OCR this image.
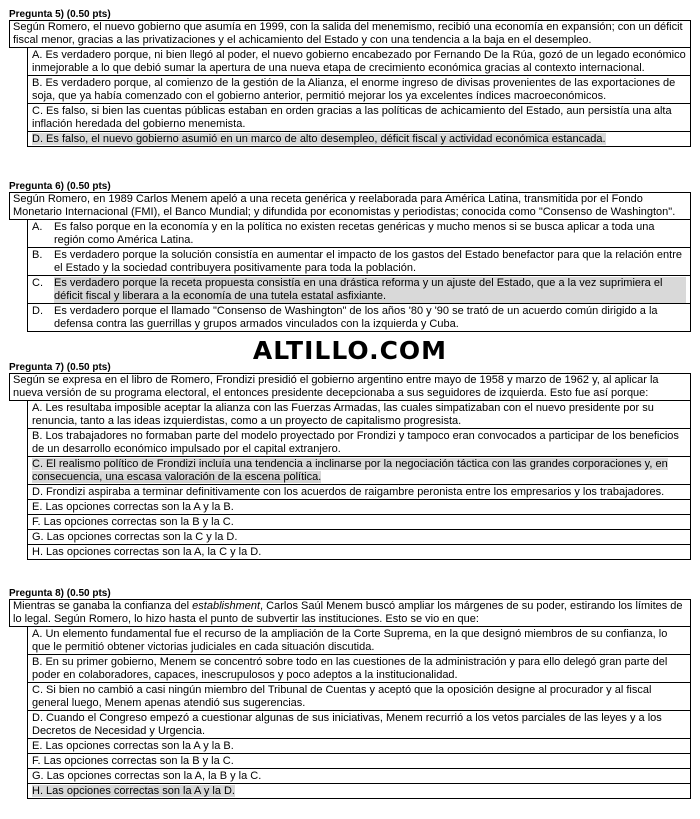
Pregunta 5) (0.50 pts)
Según Romero, el nuevo gobierno que asumía en 1999, con la salida del menemismo, recibió una economía en expansión; con un déficit fiscal menor, gracias a las privatizaciones y el achicamiento del Estado y con una tendencia a la baja en el desempleo.
A. Es verdadero porque, ni bien llegó al poder, el nuevo gobierno encabezado por Fernando De la Rúa, gozó de un legado económico inmejorable a lo que debió sumar la apertura de una nueva etapa de crecimiento económica gracias al contexto internacional.
B. Es verdadero porque, al comienzo de la gestión de la Alianza, el enorme ingreso de divisas provenientes de las exportaciones de soja, que ya había comenzado con el gobierno anterior, permitió mejorar los ya excelentes índices macroeconómicos.
C. Es falso, si bien las cuentas públicas estaban en orden gracias a las políticas de achicamiento del Estado, aun persistía una alta inflación heredada del gobierno menemista.
D. Es falso, el nuevo gobierno asumió en un marco de alto desempleo, déficit fiscal y actividad económica estancada.
Pregunta 6) (0.50 pts)
Según Romero, en 1989 Carlos Menem apeló a una receta genérica y reelaborada para América Latina, transmitida por el Fondo Monetario Internacional (FMI), el Banco Mundial; y difundida por economistas y periodistas; conocida como "Consenso de Washington".
A.	Es falso porque en la economía y en la política no existen recetas genéricas y mucho menos si se busca aplicar a toda una región como América Latina.
B.	Es verdadero porque la solución consistía en aumentar el impacto de los gastos del Estado benefactor para que la relación entre el Estado y la sociedad contribuyera positivamente para toda la población.
C.	Es verdadero porque la receta propuesta consistía en una drástica reforma y un ajuste del Estado, que a la vez suprimiera el déficit fiscal y liberara a la economía de una tutela estatal asfixiante.
D.	Es verdadero porque el llamado "Consenso de Washington" de los años '80 y '90 se trató de un acuerdo común dirigido a la defensa contra las guerrillas y grupos armados vinculados con la izquierda y Cuba.
ALTILLO.COM
Pregunta 7) (0.50 pts)
Según se expresa en el libro de Romero, Frondizi presidió el gobierno argentino entre mayo de 1958 y marzo de 1962 y, al aplicar la nueva versión de su programa electoral, el entonces presidente decepcionaba a sus seguidores de izquierda. Esto fue así porque:
A. Les resultaba imposible aceptar la alianza con las Fuerzas Armadas, las cuales simpatizaban con el nuevo presidente por su renuncia, tanto a las ideas izquierdistas, como a un proyecto de capitalismo progresista.
B. Los trabajadores no formaban parte del modelo proyectado por Frondizi y tampoco eran convocados a participar de los beneficios de un desarrollo económico impulsado por el capital extranjero.
C. El realismo político de Frondizi incluía una tendencia a inclinarse por la negociación táctica con las grandes corporaciones y, en consecuencia, una escasa valoración de la escena política.
D. Frondizi aspiraba a terminar definitivamente con los acuerdos de raigambre peronista entre los empresarios y los trabajadores.
E. Las opciones correctas son la A y la B.
F. Las opciones correctas son la B y la C.
G. Las opciones correctas son la C y la D.
H. Las opciones correctas son la A, la C y la D.
Pregunta 8) (0.50 pts)
Mientras se ganaba la confianza del establishment, Carlos Saúl Menem buscó ampliar los márgenes de su poder, estirando los límites de lo legal. Según Romero, lo hizo hasta el punto de subvertir las instituciones. Esto se vio en que:
A. Un elemento fundamental fue el recurso de la ampliación de la Corte Suprema, en la que designó miembros de su confianza, lo que le permitió obtener victorias judiciales en cada situación discutida.
B. En su primer gobierno, Menem se concentró sobre todo en las cuestiones de la administración y para ello delegó gran parte del poder en colaboradores, capaces, inescrupulosos y poco adeptos a la institucionalidad.
C. Si bien no cambió a casi ningún miembro del Tribunal de Cuentas y aceptó que la oposición designe al procurador y al fiscal general luego, Menem apenas atendió sus sugerencias.
D. Cuando el Congreso empezó a cuestionar algunas de sus iniciativas, Menem recurrió a los vetos parciales de las leyes y a los Decretos de Necesidad y Urgencia.
E. Las opciones correctas son la A y la B.
F. Las opciones correctas son la B y la C.
G. Las opciones correctas son la A, la B y la C.
H. Las opciones correctas son la A y la D.
